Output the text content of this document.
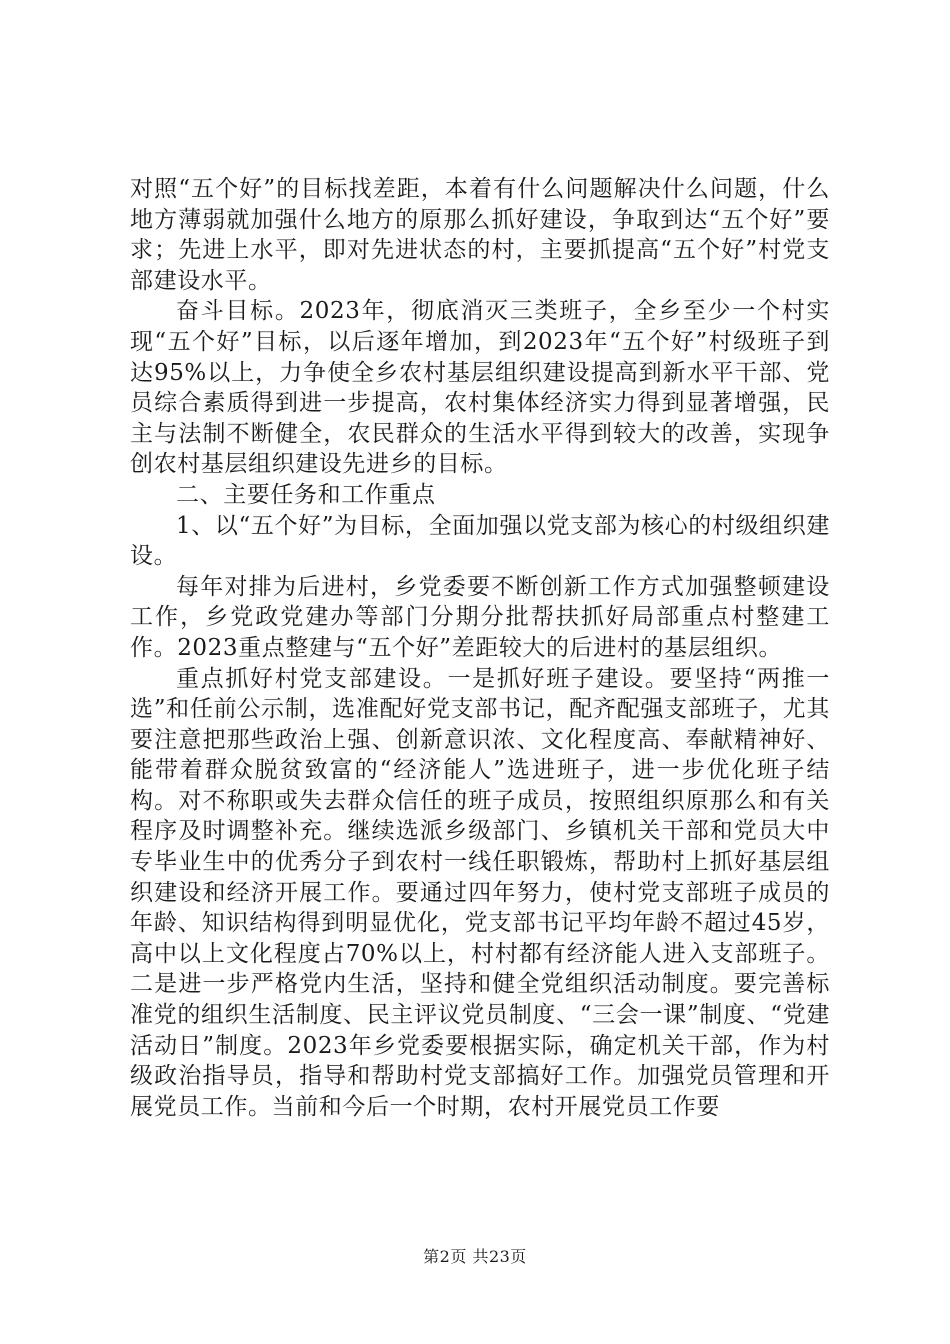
对照“五个好”的目标找差距，本着有什么问题解决什么问题，什么地方薄弱就加强什么地方的原那么抓好建设，争取到达“五个好”要求；先进上水平，即对先进状态的村，主要抓提高“五个好”村党支部建设水平。

奋斗目标。2023年，彻底消灭三类班子，全乡至少一个村实现“五个好”目标，以后逐年增加，到2023年“五个好”村级班子到达95%以上，力争使全乡农村基层组织建设提高到新水平干部、党员综合素质得到进一步提高，农村集体经济实力得到显著增强，民主与法制不断健全，农民群众的生活水平得到较大的改善，实现争创农村基层组织建设先进乡的目标。

二、主要任务和工作重点

1、以“五个好”为目标，全面加强以党支部为核心的村级组织建设。

每年对排为后进村，乡党委要不断创新工作方式加强整顿建设工作，乡党政党建办等部门分期分批帮扶抓好局部重点村整建工作。2023重点整建与“五个好”差距较大的后进村的基层组织。

重点抓好村党支部建设。一是抓好班子建设。要坚持“两推一选”和任前公示制，选准配好党支部书记，配齐配强支部班子，尤其要注意把那些政治上强、创新意识浓、文化程度高、奉献精神好、能带着群众脱贫致富的“经济能人”选进班子，进一步优化班子结构。对不称职或失去群众信任的班子成员，按照组织原那么和有关程序及时调整补充。继续选派乡级部门、乡镇机关干部和党员大中专毕业生中的优秀分子到农村一线任职锻炼，帮助村上抓好基层组织建设和经济开展工作。要通过四年努力，使村党支部班子成员的年龄、知识结构得到明显优化，党支部书记平均年龄不超过45岁，高中以上文化程度占70%以上，村村都有经济能人进入支部班子。二是进一步严格党内生活，坚持和健全党组织活动制度。要完善标准党的组织生活制度、民主评议党员制度、“三会一课”制度、“党建活动日”制度。2023年乡党委要根据实际，确定机关干部，作为村级政治指导员，指导和帮助村党支部搞好工作。加强党员管理和开展党员工作。当前和今后一个时期，农村开展党员工作要

第2页 共23页
